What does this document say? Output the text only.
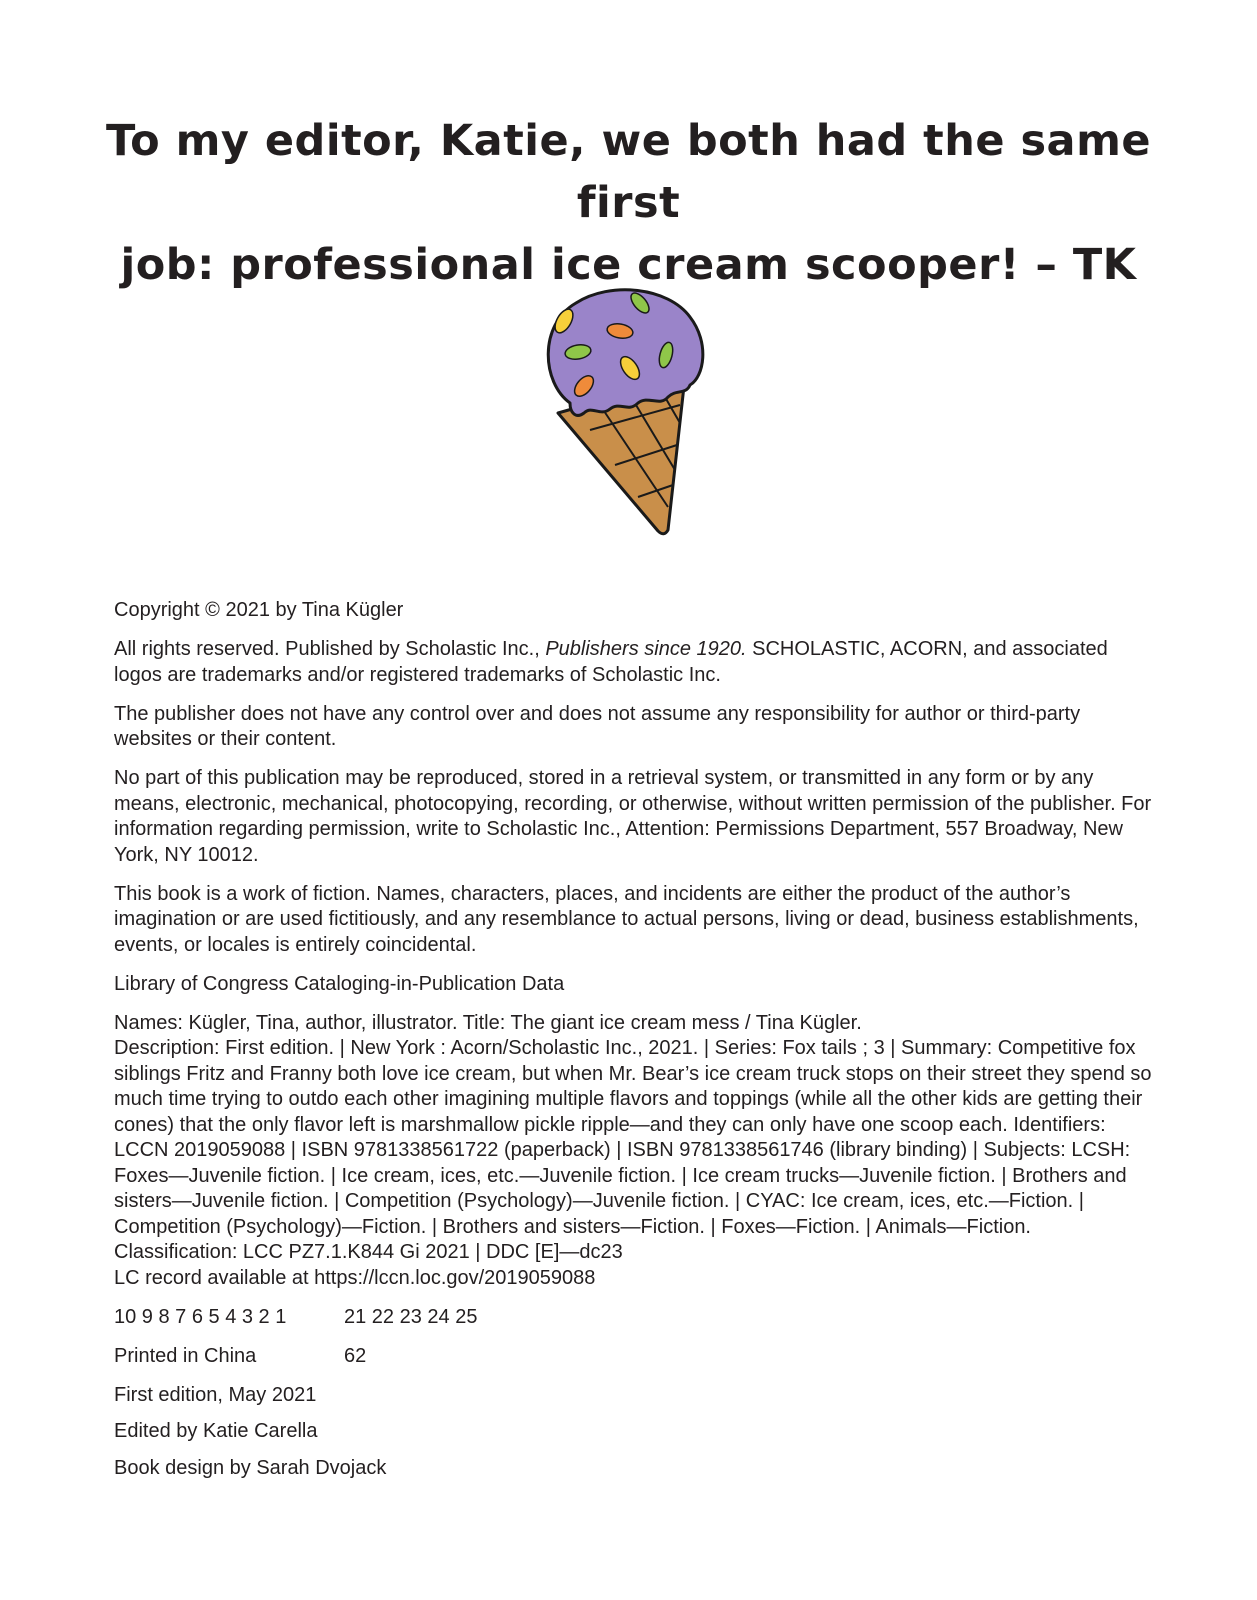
To my editor, Katie, we both had the same first
job: professional ice cream scooper! – TK

Copyright © 2021 by Tina Kügler

All rights reserved. Published by Scholastic Inc., Publishers since 1920. SCHOLASTIC, ACORN, and associated logos are trademarks and/or registered trademarks of Scholastic Inc.

The publisher does not have any control over and does not assume any responsibility for author or third-party websites or their content.

No part of this publication may be reproduced, stored in a retrieval system, or transmitted in any form or by any means, electronic, mechanical, photocopying, recording, or otherwise, without written permission of the publisher. For information regarding permission, write to Scholastic Inc., Attention: Permissions Department, 557 Broadway, New York, NY 10012.

This book is a work of fiction. Names, characters, places, and incidents are either the product of the author’s imagination or are used fictitiously, and any resemblance to actual persons, living or dead, business establishments, events, or locales is entirely coincidental.

Library of Congress Cataloging-in-Publication Data

Names: Kügler, Tina, author, illustrator. Title: The giant ice cream mess / Tina Kügler.

Description: First edition. | New York : Acorn/Scholastic Inc., 2021. | Series: Fox tails ; 3 | Summary: Competitive fox siblings Fritz and Franny both love ice cream, but when Mr. Bear’s ice cream truck stops on their street they spend so much time trying to outdo each other imagining multiple flavors and toppings (while all the other kids are getting their cones) that the only flavor left is marshmallow pickle ripple—and they can only have one scoop each. Identifiers: LCCN 2019059088 | ISBN 9781338561722 (paperback) | ISBN 9781338561746 (library binding) | Subjects: LCSH: Foxes—Juvenile fiction. | Ice cream, ices, etc.—Juvenile fiction. | Ice cream trucks—Juvenile fiction. | Brothers and sisters—Juvenile fiction. | Competition (Psychology)—Juvenile fiction. | CYAC: Ice cream, ices, etc.—Fiction. | Competition (Psychology)—Fiction. | Brothers and sisters—Fiction. | Foxes—Fiction. | Animals—Fiction. Classification: LCC PZ7.1.K844 Gi 2021 | DDC [E]—dc23

LC record available at https://lccn.loc.gov/2019059088

10 9 8 7 6 5 4 3 2 1	21 22 23 24 25
Printed in China	62

First edition, May 2021

Edited by Katie Carella

Book design by Sarah Dvojack
